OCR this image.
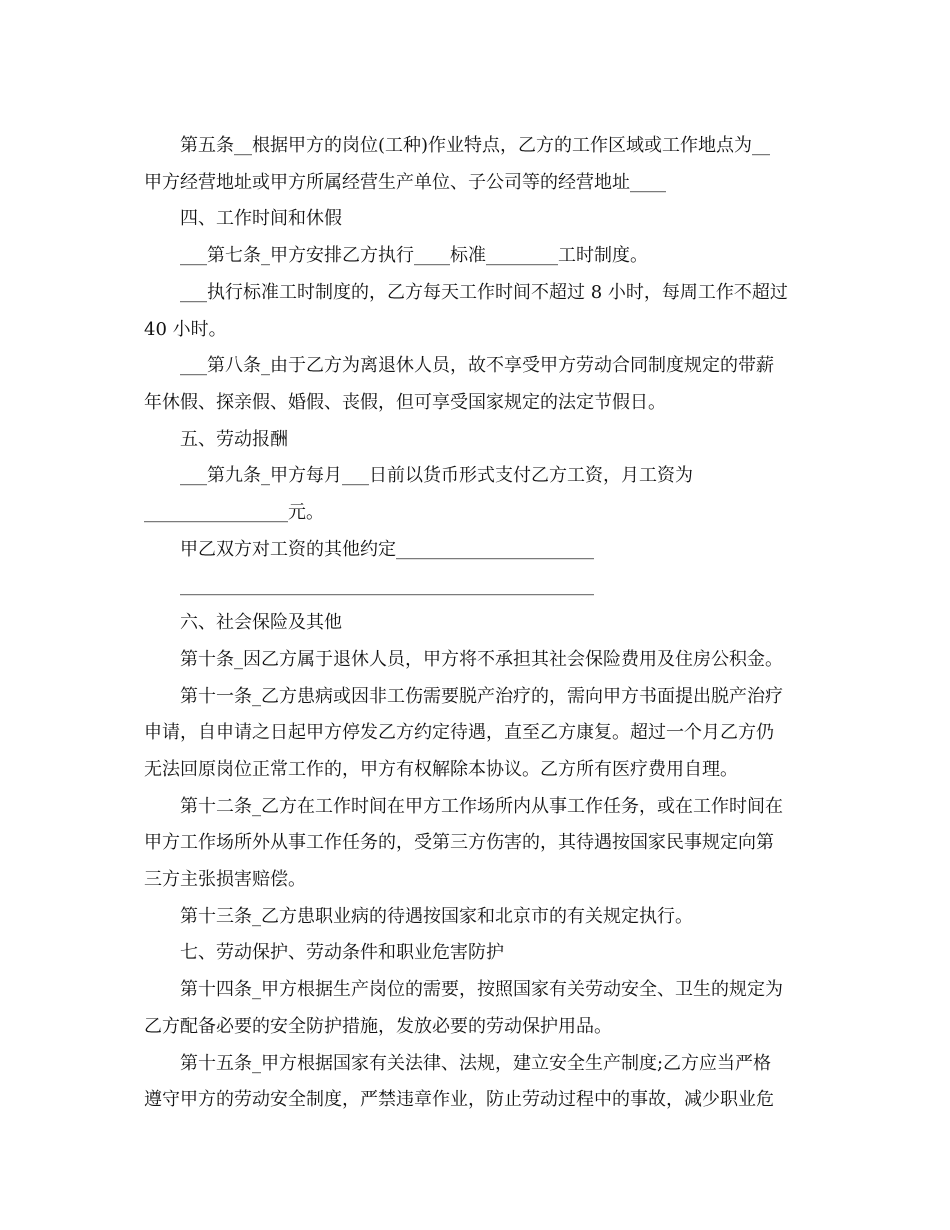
第五条__根据甲方的岗位(工种)作业特点，乙方的工作区域或工作地点为__
甲方经营地址或甲方所属经营生产单位、子公司等的经营地址____
四、工作时间和休假
___第七条_甲方安排乙方执行____标准________工时制度。
___执行标准工时制度的，乙方每天工作时间不超过 8 小时，每周工作不超过
40 小时。
___第八条_由于乙方为离退休人员，故不享受甲方劳动合同制度规定的带薪
年休假、探亲假、婚假、丧假，但可享受国家规定的法定节假日。
五、劳动报酬
___第九条_甲方每月___日前以货币形式支付乙方工资，月工资为
________________元。
甲乙双方对工资的其他约定______________________
______________________________________________
六、社会保险及其他
第十条_因乙方属于退休人员，甲方将不承担其社会保险费用及住房公积金。
第十一条_乙方患病或因非工伤需要脱产治疗的，需向甲方书面提出脱产治疗
申请，自申请之日起甲方停发乙方约定待遇，直至乙方康复。超过一个月乙方仍
无法回原岗位正常工作的，甲方有权解除本协议。乙方所有医疗费用自理。
第十二条_乙方在工作时间在甲方工作场所内从事工作任务，或在工作时间在
甲方工作场所外从事工作任务的，受第三方伤害的，其待遇按国家民事规定向第
三方主张损害赔偿。
第十三条_乙方患职业病的待遇按国家和北京市的有关规定执行。
七、劳动保护、劳动条件和职业危害防护
第十四条_甲方根据生产岗位的需要，按照国家有关劳动安全、卫生的规定为
乙方配备必要的安全防护措施，发放必要的劳动保护用品。
第十五条_甲方根据国家有关法律、法规，建立安全生产制度;乙方应当严格
遵守甲方的劳动安全制度，严禁违章作业，防止劳动过程中的事故，减少职业危
